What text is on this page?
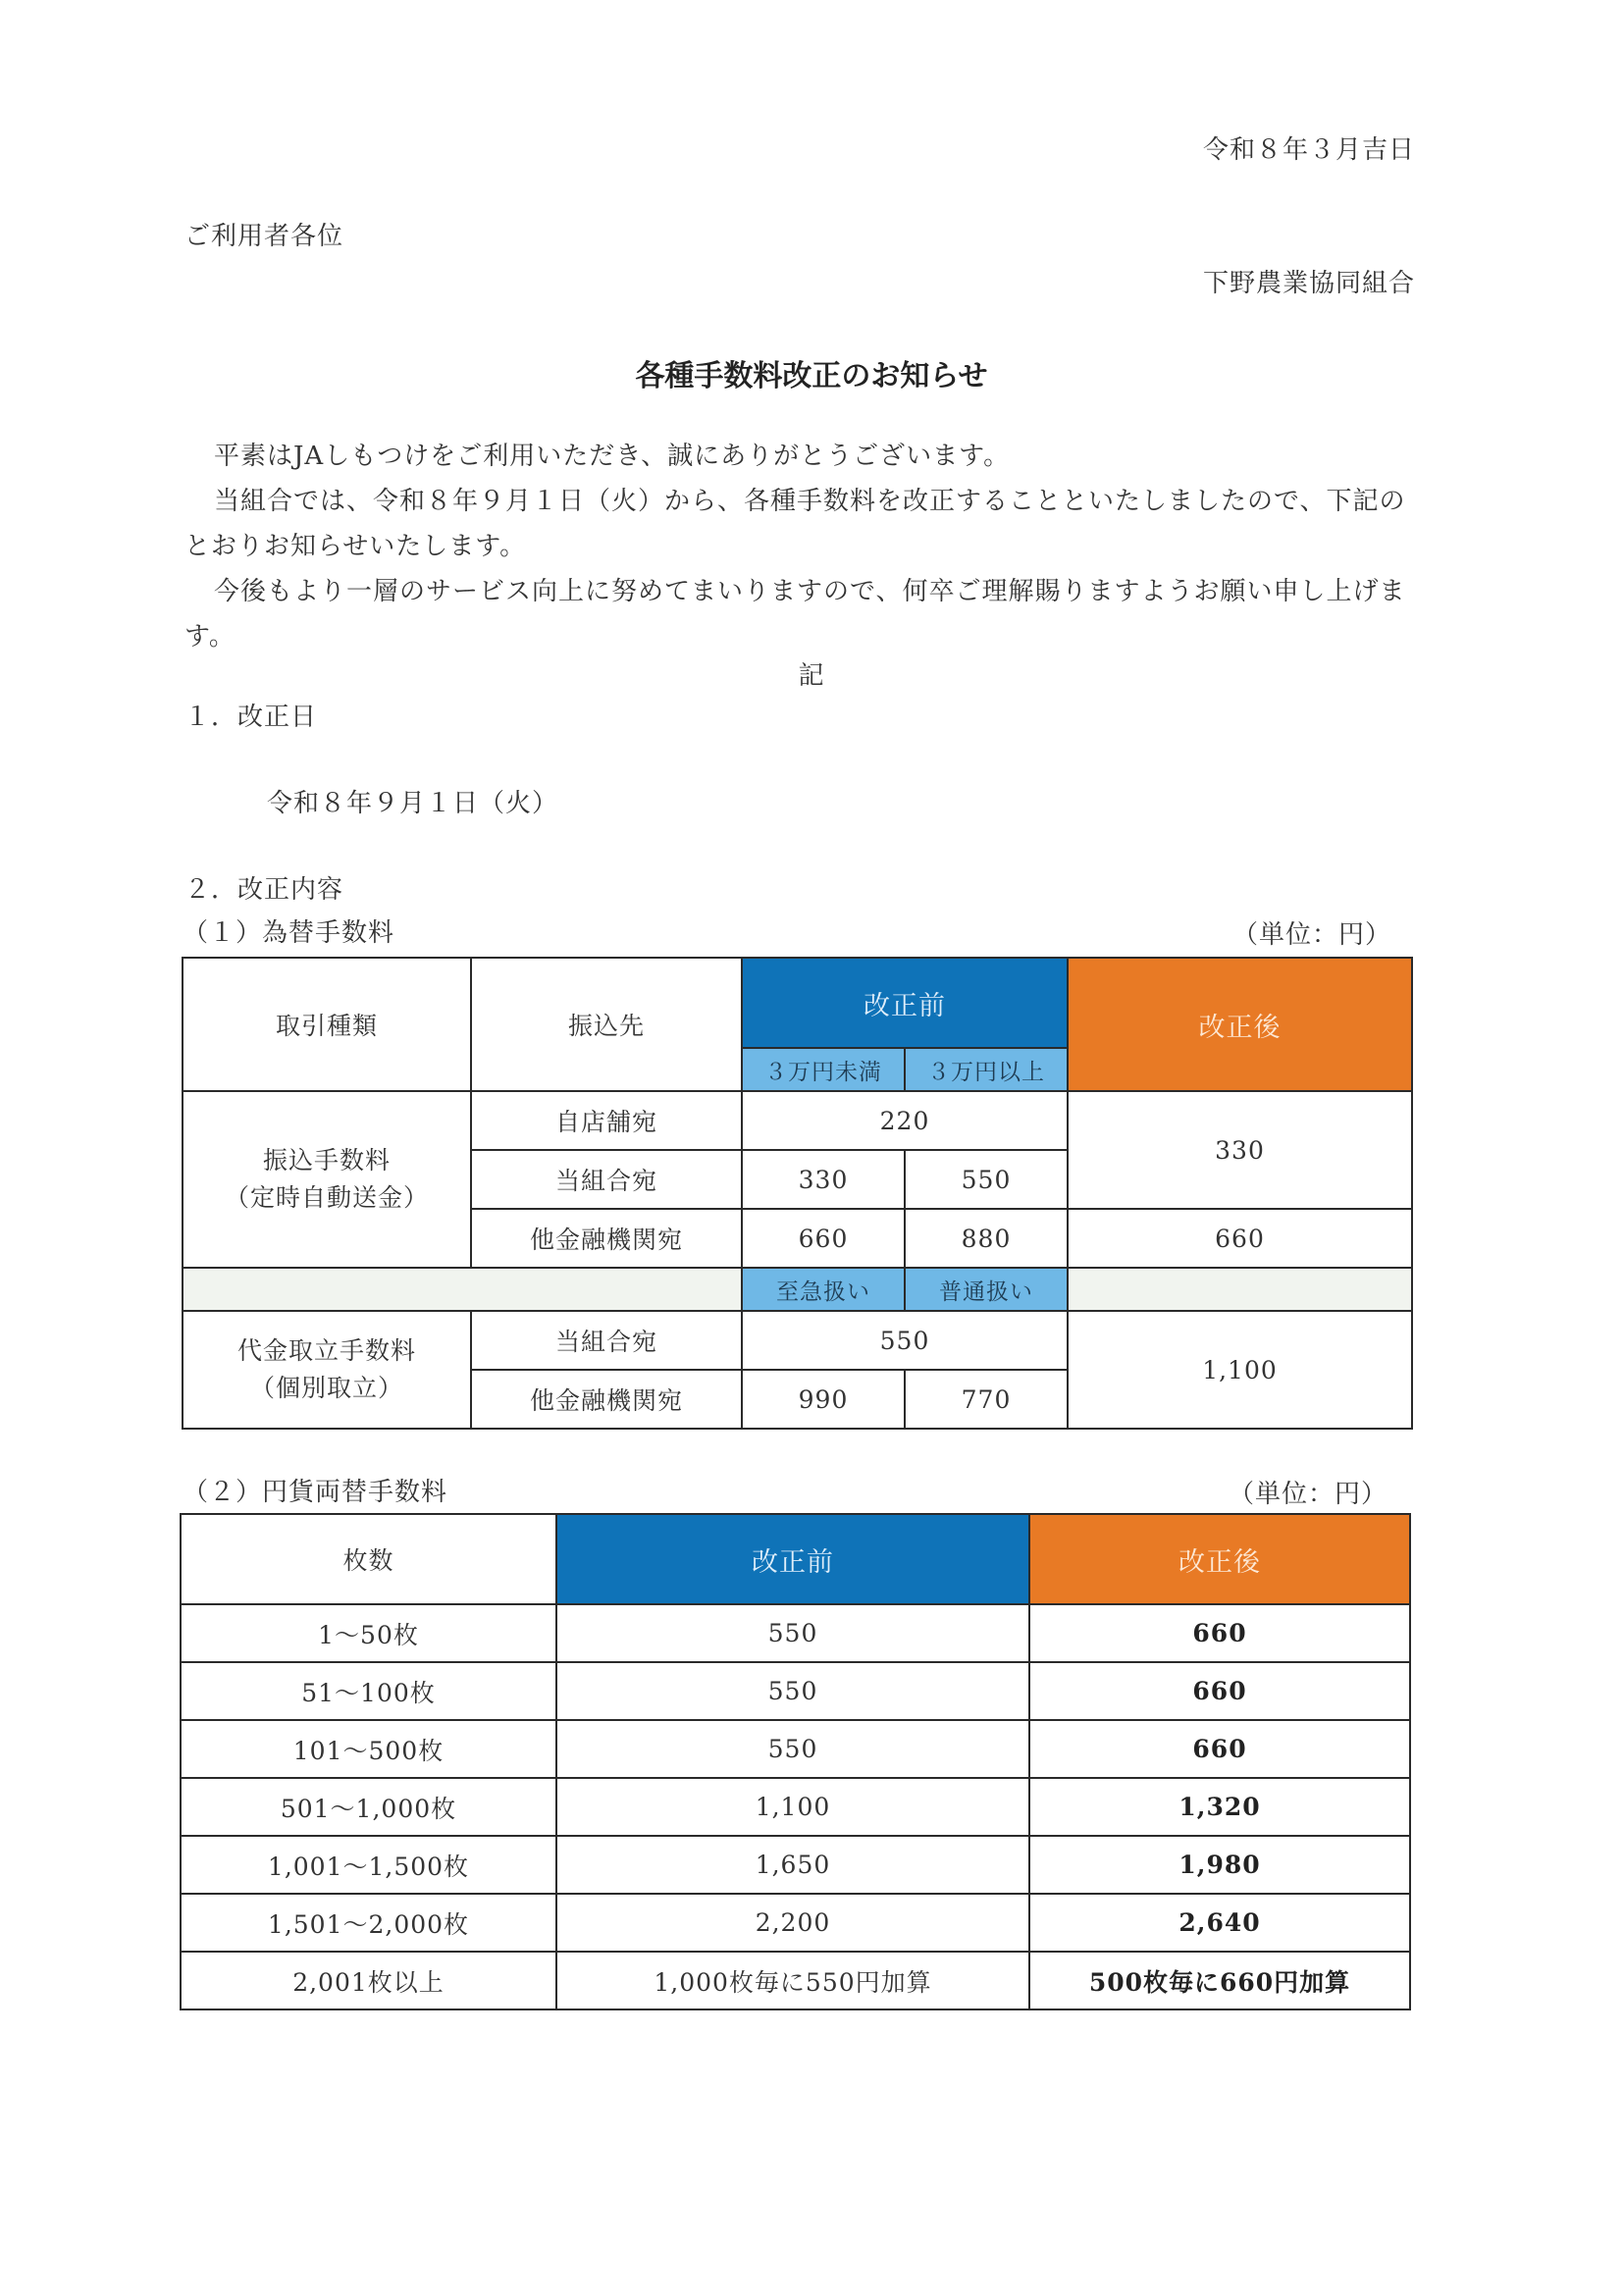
令和８年３月吉日
ご利用者各位
下野農業協同組合
各種手数料改正のお知らせ
平素はJAしもつけをご利用いただき、誠にありがとうございます。
当組合では、令和８年９月１日（火）から、各種手数料を改正することといたしましたので、下記のとおりお知らせいたします。
今後もより一層のサービス向上に努めてまいりますので、何卒ご理解賜りますようお願い申し上げます。
記
１．改正日
令和８年９月１日（火）
２．改正内容
（１）為替手数料	（単位：円）
取引種類	振込先	改正前		改正後
		３万円未満	３万円以上	

振込手数料
（定時自動送金）	自店舗宛	220		330
	当組合宛	330	550	
	他金融機関宛	660	880	660
		至急扱い	普通扱い	

代金取立手数料
（個別取立）	当組合宛	550		1,100
	他金融機関宛	990	770	
（２）円貨両替手数料	（単位：円）
枚数	改正前	改正後
1～50枚	550	660
51～100枚	550	660
101～500枚	550	660
501～1,000枚	1,100	1,320
1,001～1,500枚	1,650	1,980
1,501～2,000枚	2,200	2,640
2,001枚以上	1,000枚毎に550円加算	500枚毎に660円加算
